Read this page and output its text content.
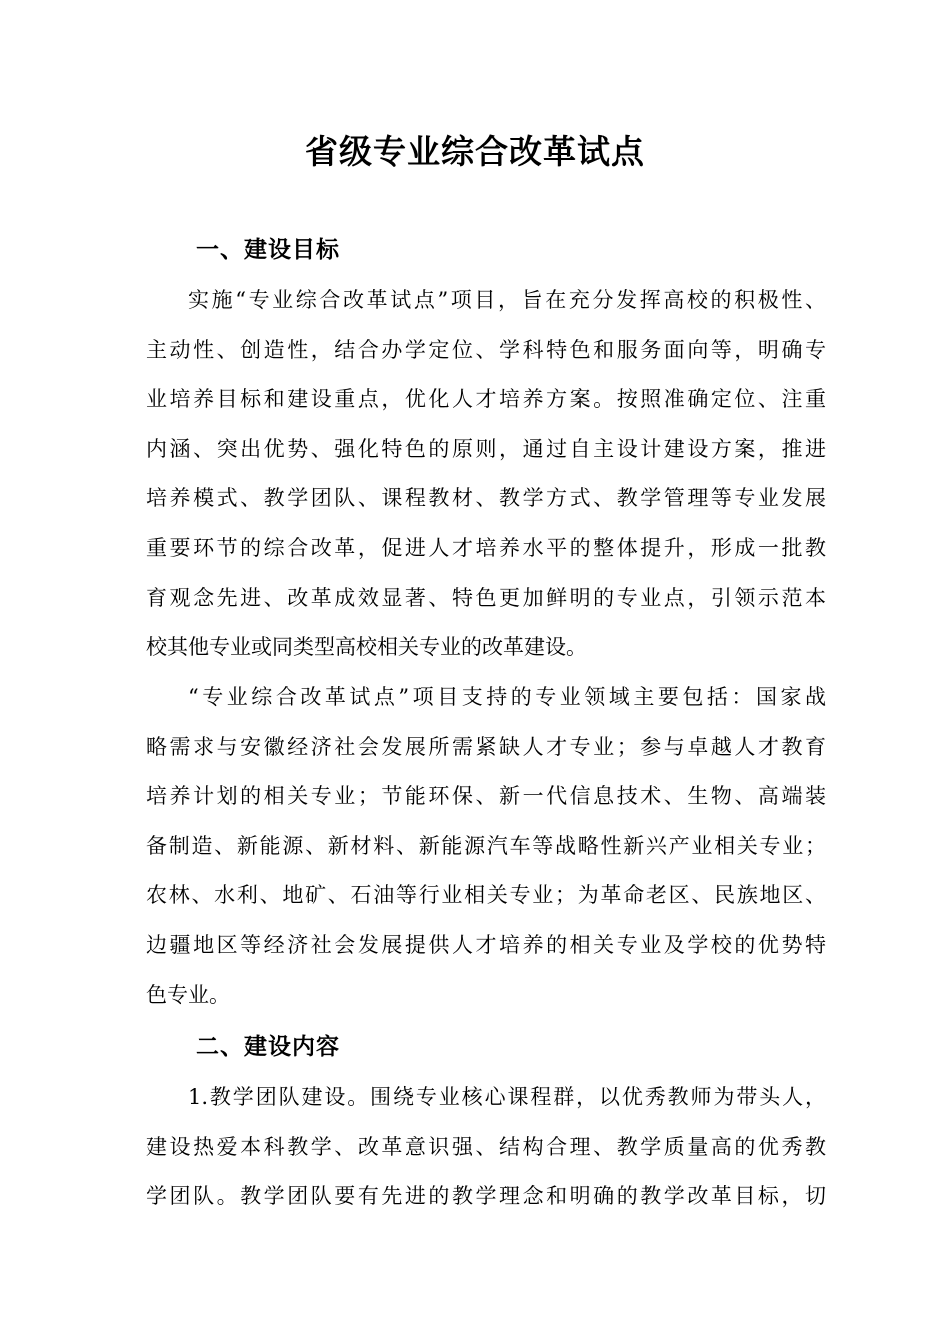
省级专业综合改革试点
一、建设目标
实施“专业综合改革试点”项目，旨在充分发挥高校的积极性、
主动性、创造性，结合办学定位、学科特色和服务面向等，明确专
业培养目标和建设重点，优化人才培养方案。按照准确定位、注重
内涵、突出优势、强化特色的原则，通过自主设计建设方案，推进
培养模式、教学团队、课程教材、教学方式、教学管理等专业发展
重要环节的综合改革，促进人才培养水平的整体提升，形成一批教
育观念先进、改革成效显著、特色更加鲜明的专业点，引领示范本
校其他专业或同类型高校相关专业的改革建设。
“专业综合改革试点”项目支持的专业领域主要包括：国家战
略需求与安徽经济社会发展所需紧缺人才专业；参与卓越人才教育
培养计划的相关专业；节能环保、新一代信息技术、生物、高端装
备制造、新能源、新材料、新能源汽车等战略性新兴产业相关专业；
农林、水利、地矿、石油等行业相关专业；为革命老区、民族地区、
边疆地区等经济社会发展提供人才培养的相关专业及学校的优势特
色专业。
二、建设内容
1.教学团队建设。围绕专业核心课程群，以优秀教师为带头人，
建设热爱本科教学、改革意识强、结构合理、教学质量高的优秀教
学团队。教学团队要有先进的教学理念和明确的教学改革目标，切
